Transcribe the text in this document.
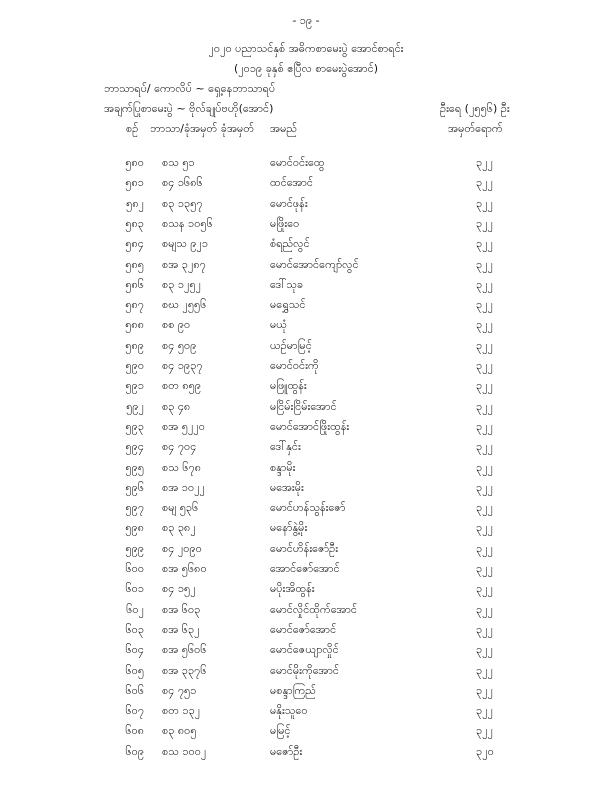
- ၁၉ -
၂၀၂၀ ပညာသင်နှစ် အဓိကစာမေးပွဲ အောင်စာရင်း
(၂၀၁၉ ခုနှစ် ဧပြီလ စာမေးပွဲအောင်)
ဘာသာရပ်/ ကောလိပ် ~ ရှေ့နေဘာသာရပ်
အချက်ပြုစာမေးပွဲ ~ ဗိုလ်ချုပ်ဗဟို(အောင်)	ဦးရေ (၂၅၅၆) ဦး
စဉ် ဘာသာ/ခုံအမှတ် ခုံအမှတ်	အမည်	အမှတ်ရောက်
၅၈၀ စသ ၅၁	မောင်ဝင်းထွေ	၃၂၂
၅၈၁ စ၄ ၁၆၈၆	ထင်အောင်	၃၂၂
၅၈၂ စ၃ ၁၃၅၇	မောင်ဖုန်း	၃၂၂
၅၈၃ စသန ၁၀၅၆	မဖြိုးဝေ	၃၂၂
၅၈၄ စမျသ ၉၂၁	စံရည်လွင်	၃၂၂
၅၈၅ စအ ၃၂၈၇	မောင်အောင်ကျော်လွင်	၃၂၂
၅၈၆ စ၃ ၁၂၅၂	ဒေါ်သုခ	၃၂၂
၅၈၇ စဃ ၂၅၅၆	မရွှေသင်	၃၂၂
၅၈၈ စစ ၉၀	မယုံ	၃၂၂
၅၈၉ စ၄ ၅၀၉	ယဉ်မာမြင့်	၃၂၂
၅၉၀ စ၄ ၁၉၃၇	မောင်ဝင်းကို	၃၂၂
၅၉၁ စတ ၈၅၉	မဖြူထွန်း	၃၂၂
၅၉၂ စ၃ ၄၈	မငြိမ်းငြိမ်းအောင်	၃၂၂
၅၉၃ စအ ၅၂၂၀	မောင်အောင်ဖြိုးထွန်း	၃၂၂
၅၉၄ စ၄ ၇၀၄	ဒေါ်နှင်း	၃၂၂
၅၉၅ စသ ၆၇၈	စန္ဒာမိုး	၃၂၂
၅၉၆ စအ ၁၀၂၂	မအေးမိုး	၃၂၂
၅၉၇ စမျ ၅၃၆	မောင်ဟန်သွန်းဇော်	၃၂၂
၅၉၈ စ၃ ၃၈၂	မနော်နွဲ့မိုး	၃၂၂
၅၉၉ စ၄ ၂၀၉၀	မောင်ဟိန်းဇော်ဦး	၃၂၂
၆၀၀ စအ ၅၆၈၀	အောင်ဇော်အောင်	၃၂၂
၆၀၁ စ၄ ၁၅၂	မပိုးအိထွန်း	၃၂၂
၆၀၂ စအ ၆၀၃	မောင်လှိုင်ထိုက်အောင်	၃၂၂
၆၀၃ စအ ၆၃၂	မောင်ဇော်အောင်	၃၂၂
၆၀၄ စအ ၅၆၀၆	မောင်ဇေယျာလှိုင်	၃၂၂
၆၀၅ စအ ၃၃၇၆	မောင်မိုးကိုအောင်	၃၂၂
၆၀၆ စ၄ ၇၅၁	မစန္ဒာကြည်	၃၂၂
၆၀၇ စတ ၁၃၂	မနိုးသူဝေ	၃၂၂
၆၀၈ စ၃ ၈၀၅	မမြင့်	၃၂၂
၆၀၉ စသ ၁၀၀၂	မဇော်ဦး	၃၂၀
